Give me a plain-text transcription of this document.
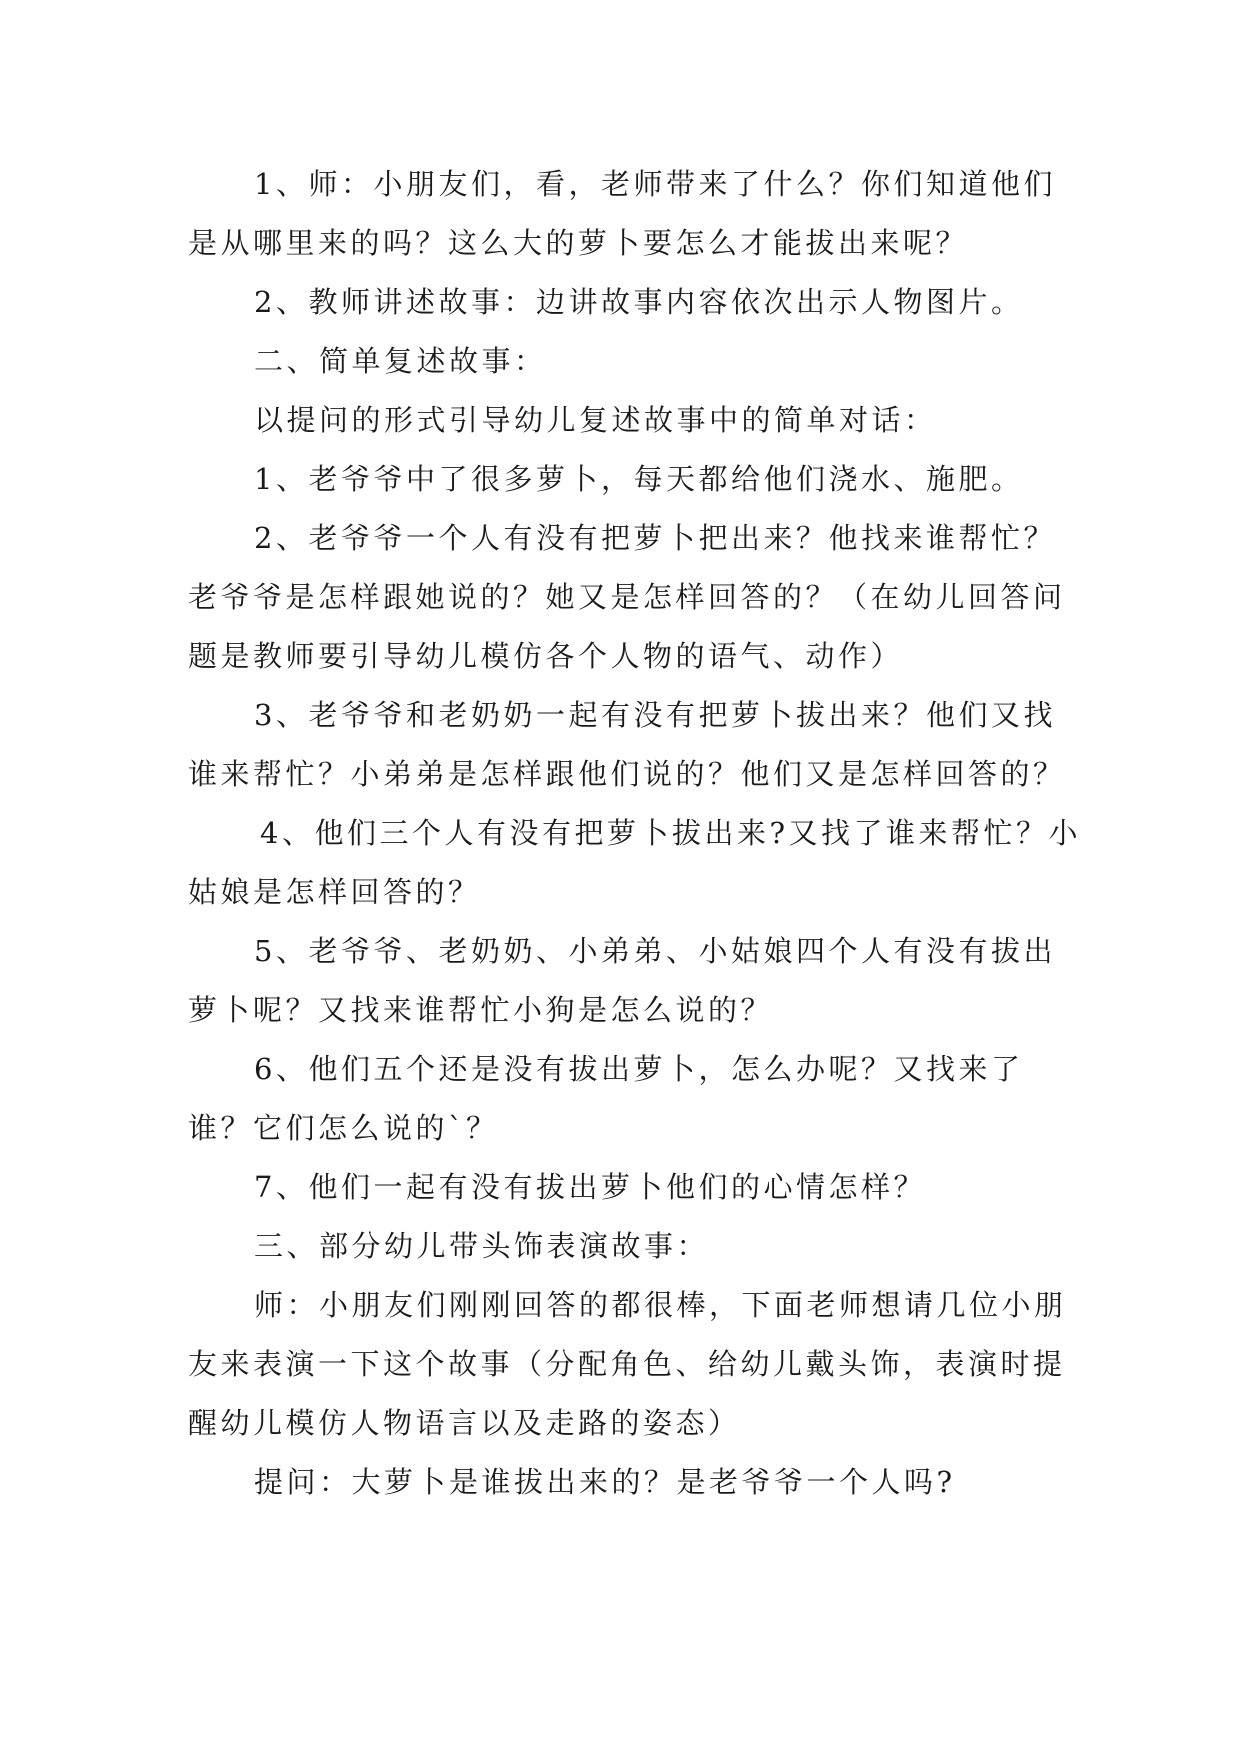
1、师：小朋友们，看，老师带来了什么？你们知道他们是从哪里来的吗？这么大的萝卜要怎么才能拔出来呢？

2、教师讲述故事：边讲故事内容依次出示人物图片。

二、简单复述故事：

以提问的形式引导幼儿复述故事中的简单对话：

1、老爷爷中了很多萝卜，每天都给他们浇水、施肥。

2、老爷爷一个人有没有把萝卜把出来？他找来谁帮忙？老爷爷是怎样跟她说的？她又是怎样回答的？（在幼儿回答问题是教师要引导幼儿模仿各个人物的语气、动作）

3、老爷爷和老奶奶一起有没有把萝卜拔出来？他们又找谁来帮忙？小弟弟是怎样跟他们说的？他们又是怎样回答的？

4、他们三个人有没有把萝卜拔出来?又找了谁来帮忙？小姑娘是怎样回答的？

5、老爷爷、老奶奶、小弟弟、小姑娘四个人有没有拔出萝卜呢？又找来谁帮忙小狗是怎么说的？

6、他们五个还是没有拔出萝卜，怎么办呢？又找来了谁？它们怎么说的`？

7、他们一起有没有拔出萝卜他们的心情怎样？

三、部分幼儿带头饰表演故事：

师：小朋友们刚刚回答的都很棒，下面老师想请几位小朋友来表演一下这个故事（分配角色、给幼儿戴头饰，表演时提醒幼儿模仿人物语言以及走路的姿态）

提问：大萝卜是谁拔出来的？是老爷爷一个人吗?
